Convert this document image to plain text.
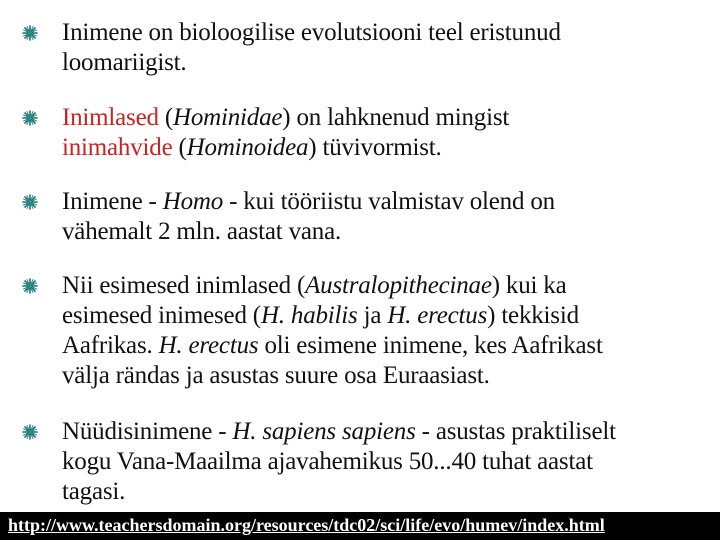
Inimene on bioloogilise evolutsiooni teel eristunud
loomariigist.
Inimlased (Hominidae) on lahknenud mingist
inimahvide (Hominoidea) tüvivormist.
Inimene - Homo - kui tööriistu valmistav olend on
vähemalt 2 mln. aastat vana.
Nii esimesed inimlased (Australopithecinae) kui ka
esimesed inimesed (H. habilis ja H. erectus) tekkisid
Aafrikas. H. erectus oli esimene inimene, kes Aafrikast
välja rändas ja asustas suure osa Euraasiast.
Nüüdisinimene - H. sapiens sapiens - asustas praktiliselt
kogu Vana-Maailma ajavahemikus 50...40 tuhat aastat
tagasi.
http://www.teachersdomain.org/resources/tdc02/sci/life/evo/humev/index.html
